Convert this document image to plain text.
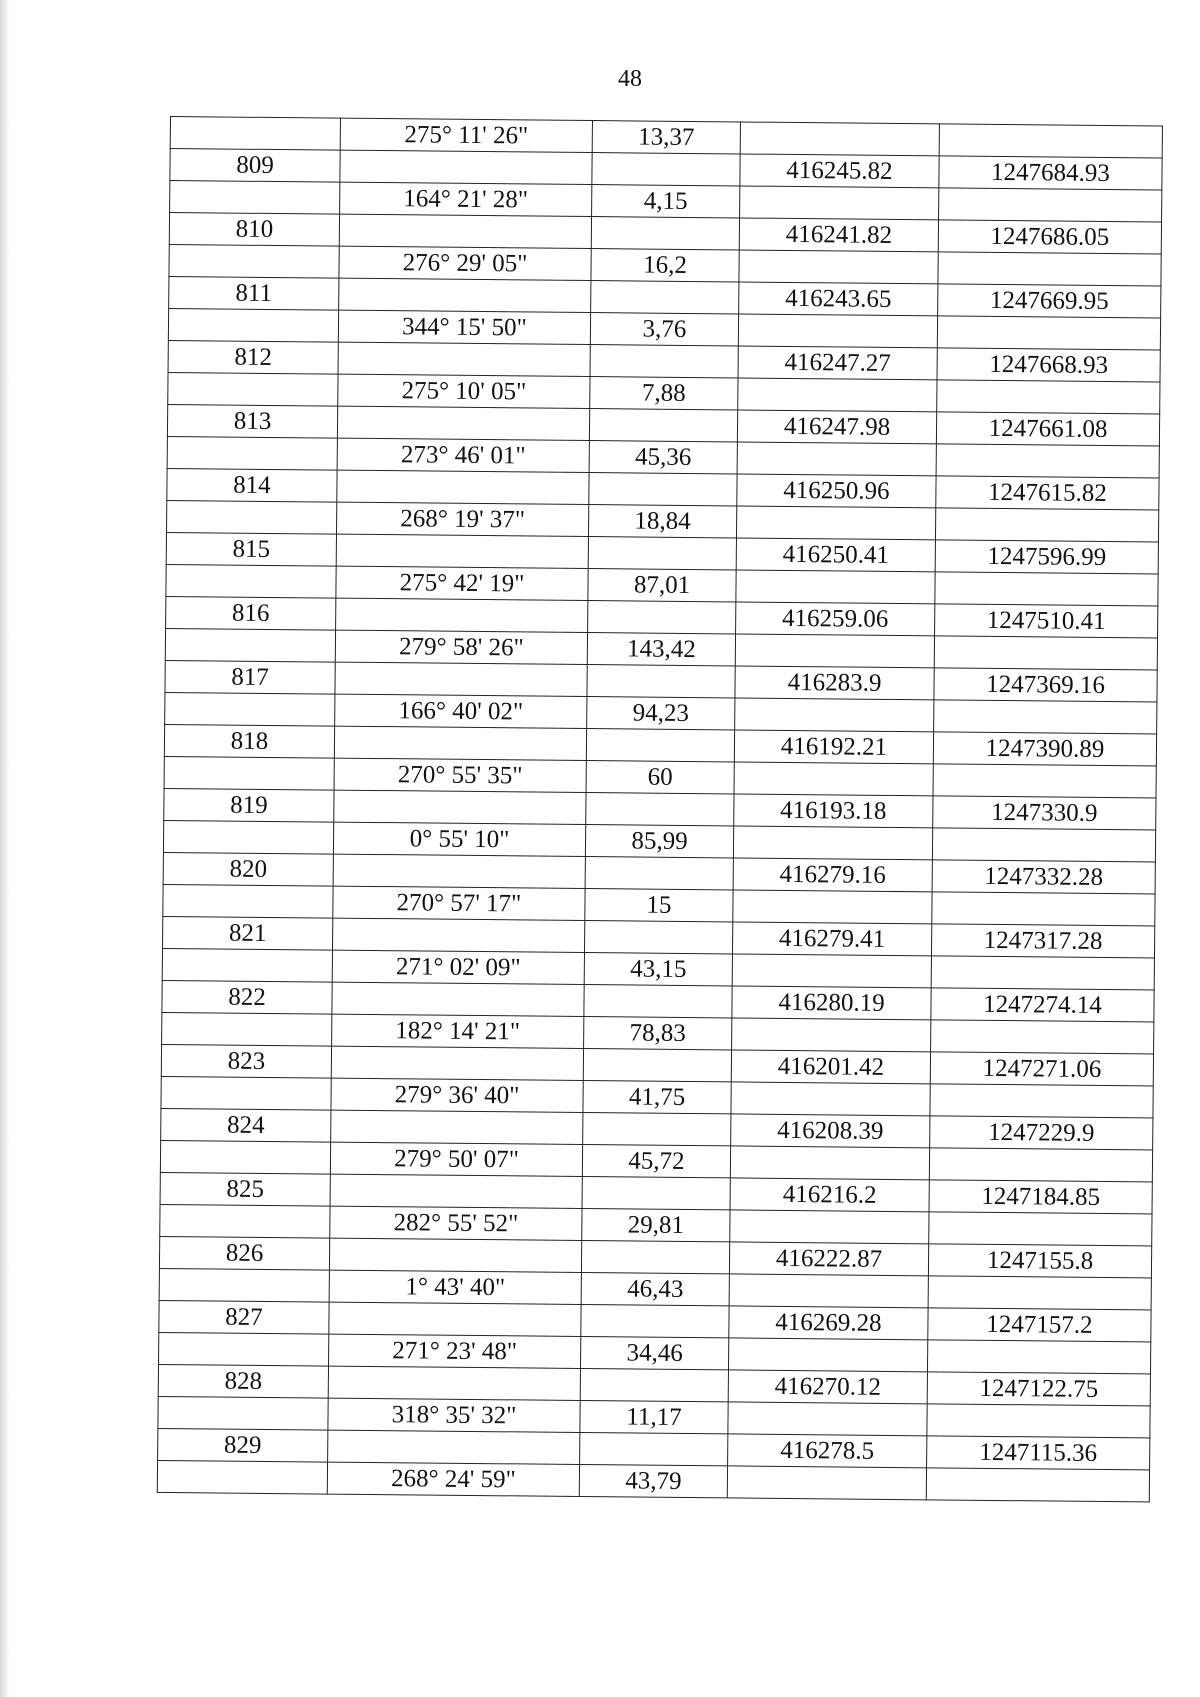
48
	275° 11' 26"	13,37		
809			416245.82	1247684.93
	164° 21' 28"	4,15		
810			416241.82	1247686.05
	276° 29' 05"	16,2		
811			416243.65	1247669.95
	344° 15' 50"	3,76		
812			416247.27	1247668.93
	275° 10' 05"	7,88		
813			416247.98	1247661.08
	273° 46' 01"	45,36		
814			416250.96	1247615.82
	268° 19' 37"	18,84		
815			416250.41	1247596.99
	275° 42' 19"	87,01		
816			416259.06	1247510.41
	279° 58' 26"	143,42		
817			416283.9	1247369.16
	166° 40' 02"	94,23		
818			416192.21	1247390.89
	270° 55' 35"	60		
819			416193.18	1247330.9
	0° 55' 10"	85,99		
820			416279.16	1247332.28
	270° 57' 17"	15		
821			416279.41	1247317.28
	271° 02' 09"	43,15		
822			416280.19	1247274.14
	182° 14' 21"	78,83		
823			416201.42	1247271.06
	279° 36' 40"	41,75		
824			416208.39	1247229.9
	279° 50' 07"	45,72		
825			416216.2	1247184.85
	282° 55' 52"	29,81		
826			416222.87	1247155.8
	1° 43' 40"	46,43		
827			416269.28	1247157.2
	271° 23' 48"	34,46		
828			416270.12	1247122.75
	318° 35' 32"	11,17		
829			416278.5	1247115.36
	268° 24' 59"	43,79		
